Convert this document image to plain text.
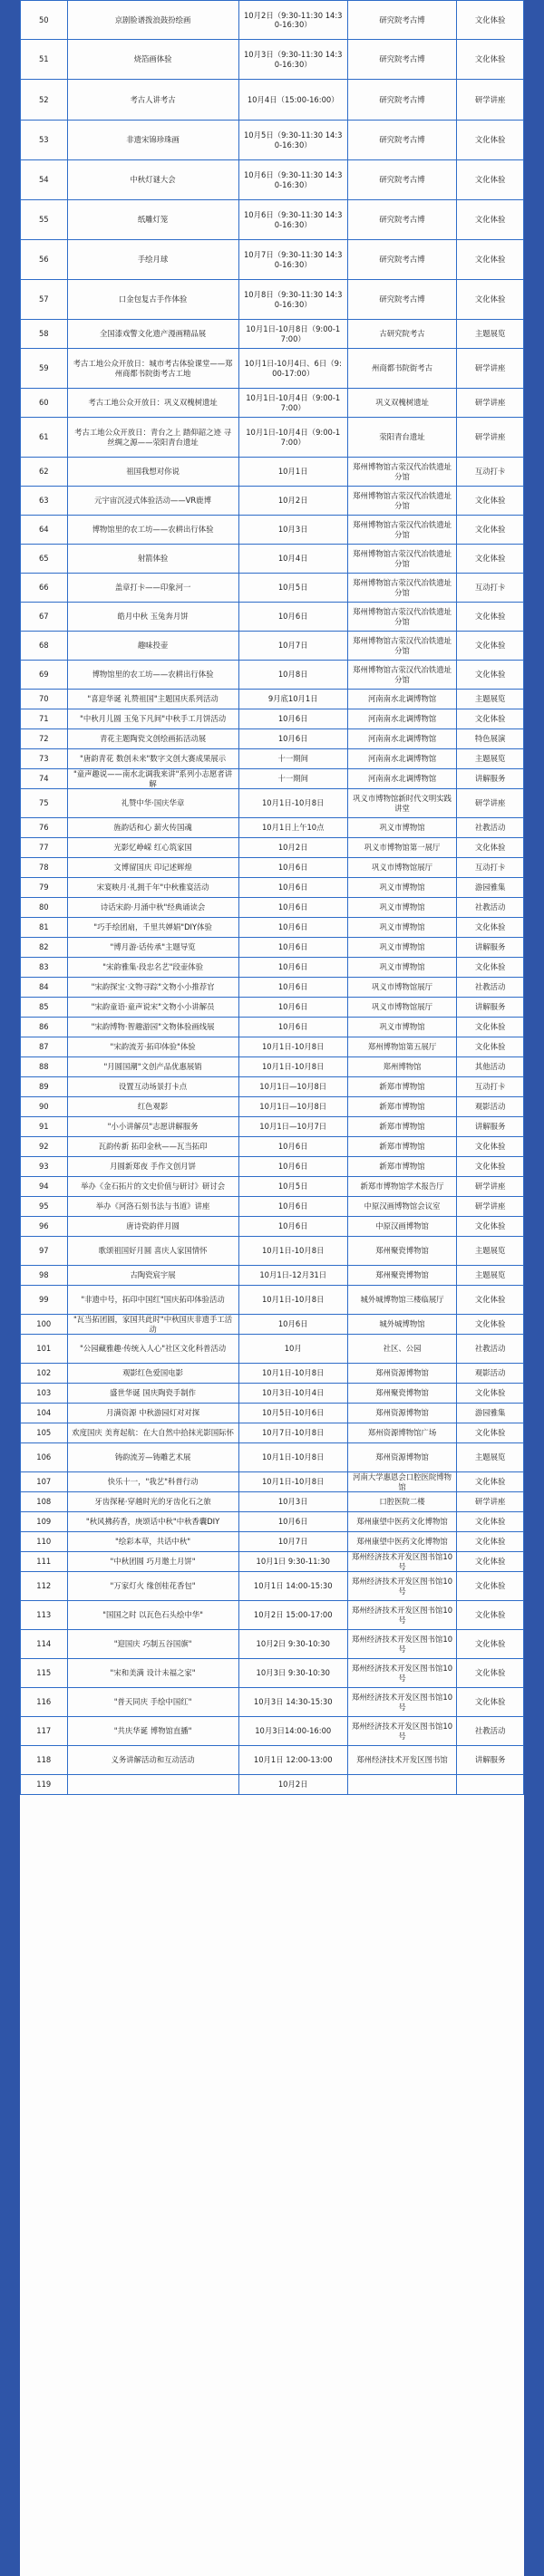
50	京剧脸谱拨浪鼓扮绘画	10月2日（9:30-11:30 14:30-16:30）	研究院考古博	文化体验
51	烧箔画体验	10月3日（9:30-11:30 14:30-16:30）	研究院考古博	文化体验
52	考古人讲考古	10月4日（15:00-16:00）	研究院考古博	研学讲座
53	非遗宋锦珍珠画	10月5日（9:30-11:30 14:30-16:30）	研究院考古博	文化体验
54	中秋灯谜大会	10月6日（9:30-11:30 14:30-16:30）	研究院考古博	文化体验
55	纸雕灯笼	10月6日（9:30-11:30 14:30-16:30）	研究院考古博	文化体验
56	手绘月球	10月7日（9:30-11:30 14:30-16:30）	研究院考古博	文化体验
57	口金包复古手作体验	10月8日（9:30-11:30 14:30-16:30）	研究院考古博	文化体验
58	全国漆戏警文化遗产漫画精品展	10月1日-10月8日（9:00-17:00）	古研究院考古	主题展览
59	考古工地公众开放日：城市考古体验课堂——郑州商都书院街考古工地	10月1日-10月4日、6日（9:00-17:00）	州商都书院街考古	研学讲座
60	考古工地公众开放日：巩义双槐树遗址	10月1日-10月4日（9:00-17:00）	巩义双槐树遗址	研学讲座
61	考古工地公众开放日：青台之上 踏仰韶之迹 寻丝绸之源——荥阳青台遗址	10月1日-10月4日（9:00-17:00）	荥阳青台遗址	研学讲座
62	祖国我想对你说	10月1日	郑州博物馆古荥汉代冶铁遗址分馆	互动打卡
63	元宇宙沉浸式体验活动——VR鹿博	10月2日	郑州博物馆古荥汉代冶铁遗址分馆	文化体验
64	博物馆里的农工坊——农耕出行体验	10月3日	郑州博物馆古荥汉代冶铁遗址分馆	文化体验
65	射箭体验	10月4日	郑州博物馆古荥汉代冶铁遗址分馆	文化体验
66	盖章打卡——印象河一	10月5日	郑州博物馆古荥汉代冶铁遗址分馆	互动打卡
67	皓月中秋 玉兔奔月饼	10月6日	郑州博物馆古荥汉代冶铁遗址分馆	文化体验
68	趣味投壶	10月7日	郑州博物馆古荥汉代冶铁遗址分馆	文化体验
69	博物馆里的农工坊——农耕出行体验	10月8日	郑州博物馆古荥汉代冶铁遗址分馆	文化体验
70	"喜迎华诞 礼赞祖国"主题国庆系列活动	9月底10月1日	河南南水北调博物馆	主题展览
71	"中秋月儿圆 玉兔下凡间"中秋手工月饼活动	10月6日	河南南水北调博物馆	文化体验
72	青花主题陶瓷文创绘画拓活动展	10月6日	河南南水北调博物馆	特色展演
73	"唐韵青花 数创未来"数字文创大赛成果展示	十一期间	河南南水北调博物馆	主题展览
74	"童声趣说——南水北调我来讲"系列小志愿者讲解	十一期间	河南南水北调博物馆	讲解服务
75	礼赞中华·国庆华章	10月1日-10月8日	巩义市博物馆新时代文明实践讲堂	研学讲座
76	旌韵话和心 薪火传国魂	10月1日上午10点	巩义市博物馆	社教活动
77	光影忆峥嵘 红心筑家国	10月2日	巩义市博物馆第一展厅	文化体验
78	文博留国庆 印记述辉煌	10月6日	巩义市博物馆展厅	互动打卡
79	宋宴映月·礼拥千年"中秋雅宴活动	10月6日	巩义市博物馆	游园雅集
80	诗话宋韵·月涌中秋"经典诵读会	10月6日	巩义市博物馆	社教活动
81	"巧手绘团扇，千里共婵娟"DIY体验	10月6日	巩义市博物馆	文化体验
82	"博月游·话传承"主题导览	10月6日	巩义市博物馆	讲解服务
83	"宋韵雅集·段忠名艺"段壶体验	10月6日	巩义市博物馆	文化体验
84	"宋韵探宝·文物寻踪"文物小小推荐官	10月6日	巩义市博物馆展厅	社教活动
85	"宋韵童语·童声说宋"文物小小讲解员	10月6日	巩义市博物馆展厅	讲解服务
86	"宋韵博物·智趣游园"文物体验画线展	10月6日	巩义市博物馆	文化体验
87	"宋韵流芳·拓印体验"体验	10月1日-10月8日	郑州博物馆第五展厅	文化体验
88	"月圆国潮"文创产品优惠展销	10月1日-10月8日	郑州博物馆	其他活动
89	设置互动场景打卡点	10月1日—10月8日	新郑市博物馆	互动打卡
90	红色观影	10月1日—10月8日	新郑市博物馆	观影活动
91	"小小讲解员"志愿讲解服务	10月1日—10月7日	新郑市博物馆	讲解服务
92	瓦韵传新 拓印金秋——瓦当拓印	10月6日	新郑市博物馆	文化体验
93	月圆新郑夜 手作文创月饼	10月6日	新郑市博物馆	文化体验
94	举办《金石拓片的文史价值与研讨》研讨会	10月5日	新郑市博物馆学术报告厅	研学讲座
95	举办《河洛石刻书法与书道》讲座	10月6日	中原汉画博物馆会议室	研学讲座
96	唐诗瓷韵伴月圆	10月6日	中原汉画博物馆	文化体验
97	歌颂祖国好月圆 喜庆人家国情怀	10月1日-10月8日	郑州聚瓷博物馆	主题展览
98	古陶瓷宸宇展	10月1日-12月31日	郑州聚瓷博物馆	主题展览
99	"非遗中号，拓印中国红"国庆拓印体验活动	10月1日-10月8日	城外城博物馆三楼临展厅	文化体验
100	"瓦当拓团圆，家国共此时"中秋国庆非遗手工活动	10月6日	城外城博物馆	文化体验
101	"公园藏雅趣·传统入人心"社区文化科普活动	10月	社区、公园	社教活动
102	观影红色爱国电影	10月1日-10月8日	郑州资源博物馆	观影活动
103	盛世华诞 国庆陶瓷手制作	10月3日-10月4日	郑州聚瓷博物馆	文化体验
104	月满资源 中秋游园灯对对探	10月5日-10月6日	郑州资源博物馆	游园雅集
105	欢度国庆 美育起航：在大自然中拾抹光影国际怀	10月7日-10月8日	郑州资源博物馆广场	文化体验
106	铸韵流芳—铸雕艺术展	10月1日-10月8日	郑州资源博物馆	主题展览
107	快乐十一，"我艺"科普行动	10月1日-10月8日	河南大学惠恩会口腔医院博物馆	文化体验
108	牙齿探秘·穿越时光的牙齿化石之旅	10月3日	口腔医院二楼	研学讲座
109	"秋风拂药香，庚颂话中秋"中秋香囊DIY	10月6日	郑州康望中医药文化博物馆	文化体验
110	"绘彩本草，共话中秋"	10月7日	郑州康望中医药文化博物馆	文化体验
111	"中秋团圆 巧月邀土月饼"	10月1日 9:30-11:30	郑州经济技术开发区图书馆10号	文化体验
112	"万家灯火 缘创桂花香包"	10月1日 14:00-15:30	郑州经济技术开发区图书馆10号	文化体验
113	"国国之时 以瓦色石头绘中华"	10月2日 15:00-17:00	郑州经济技术开发区图书馆10号	文化体验
114	"迎国庆 巧制五谷国旗"	10月2日 9:30-10:30	郑州经济技术开发区图书馆10号	文化体验
115	"宋和美满 设计未福之家"	10月3日 9:30-10:30	郑州经济技术开发区图书馆10号	文化体验
116	"普天同庆 手绘中国红"	10月3日 14:30-15:30	郑州经济技术开发区图书馆10号	文化体验
117	"共庆华诞 博物馆直播"	10月3日14:00-16:00	郑州经济技术开发区图书馆10号	社教活动
118	义务讲解活动和互动活动	10月1日 12:00-13:00	郑州经济技术开发区图书馆	讲解服务
119		10月2日		
